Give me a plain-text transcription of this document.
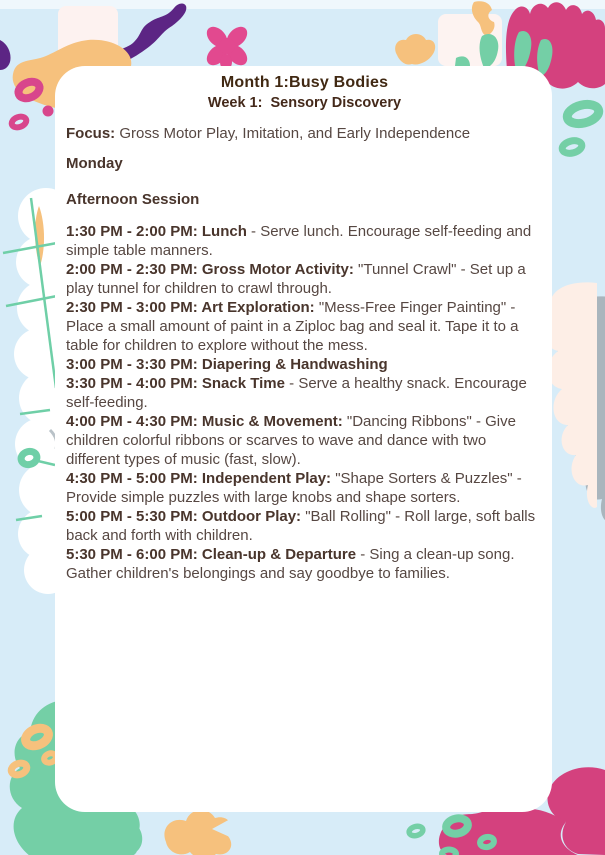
Month 1:Busy Bodies
Week 1:  Sensory Discovery
Focus: Gross Motor Play, Imitation, and Early Independence
Monday
Afternoon Session
1:30 PM - 2:00 PM: Lunch - Serve lunch. Encourage self-feeding and simple table manners.
2:00 PM - 2:30 PM: Gross Motor Activity: "Tunnel Crawl" - Set up a play tunnel for children to crawl through.
2:30 PM - 3:00 PM: Art Exploration: "Mess-Free Finger Painting" - Place a small amount of paint in a Ziploc bag and seal it. Tape it to a table for children to explore without the mess.
3:00 PM - 3:30 PM: Diapering & Handwashing
3:30 PM - 4:00 PM: Snack Time - Serve a healthy snack. Encourage self-feeding.
4:00 PM - 4:30 PM: Music & Movement: "Dancing Ribbons" - Give children colorful ribbons or scarves to wave and dance with two different types of music (fast, slow).
4:30 PM - 5:00 PM: Independent Play: "Shape Sorters & Puzzles" - Provide simple puzzles with large knobs and shape sorters.
5:00 PM - 5:30 PM: Outdoor Play: "Ball Rolling" - Roll large, soft balls back and forth with children.
5:30 PM - 6:00 PM: Clean-up & Departure - Sing a clean-up song. Gather children's belongings and say goodbye to families.
